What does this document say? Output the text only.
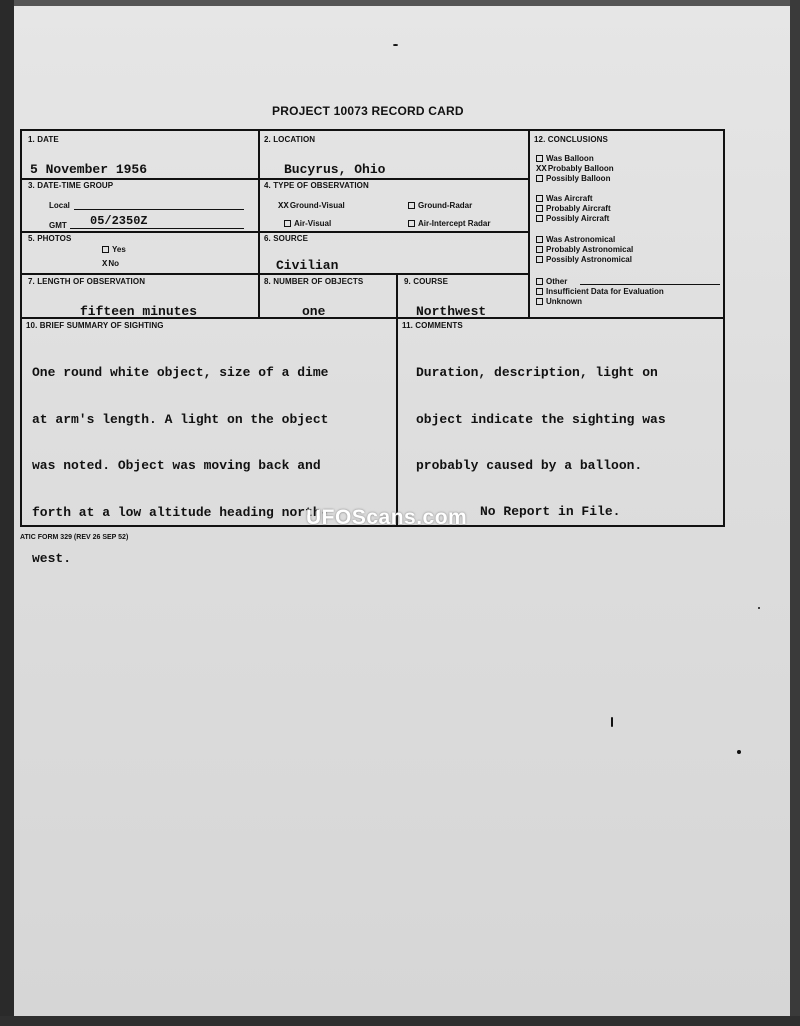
PROJECT 10073 RECORD CARD
1. DATE
5 November 1956
2. LOCATION
Bucyrus, Ohio
3. DATE-TIME GROUP
Local
GMT 05/2350Z
4. TYPE OF OBSERVATION
XXGround-Visual	Ground-Radar
Air-Visual	Air-Intercept Radar
5. PHOTOS
Yes
XNo
6. SOURCE
Civilian
7. LENGTH OF OBSERVATION
fifteen minutes
8. NUMBER OF OBJECTS
one
9. COURSE
Northwest
12. CONCLUSIONS
Was Balloon
XXProbably Balloon
Possibly Balloon
Was Aircraft
Probably Aircraft
Possibly Aircraft
Was Astronomical
Probably Astronomical
Possibly Astronomical
Other
Insufficient Data for Evaluation
Unknown
10. BRIEF SUMMARY OF SIGHTING

One round white object, size of a dime

at arm's length. A light on the object

was noted. Object was moving back and

forth at a low altitude heading north-

west.

11. COMMENTS

Duration, description, light on

object indicate the sighting was

probably caused by a balloon.

No Report in File.
UFOScans.com
ATIC FORM 329 (REV 26 SEP 52)
